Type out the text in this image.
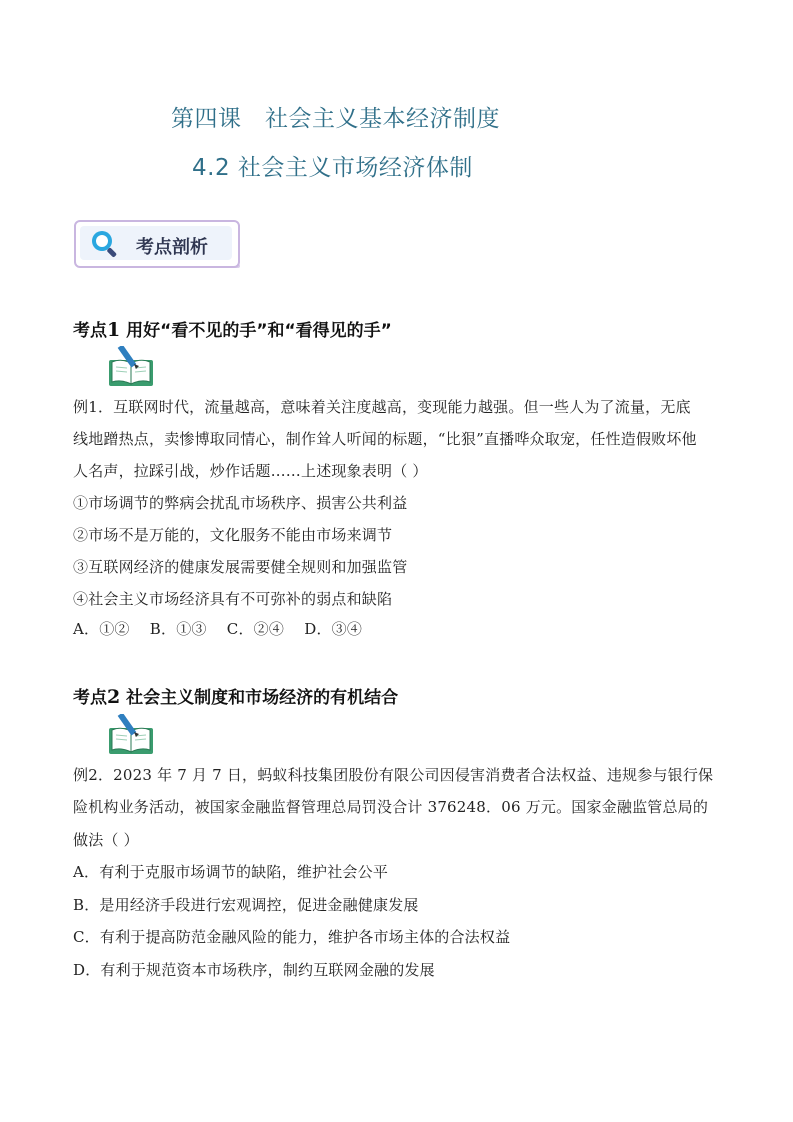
第四课　社会主义基本经济制度
4.2 社会主义市场经济体制
考点剖析
考点1 用好“看不见的手”和“看得见的手”
例1．互联网时代，流量越高，意味着关注度越高，变现能力越强。但一些人为了流量，无底
线地蹭热点，卖惨博取同情心，制作耸人听闻的标题，“比狠”直播哗众取宠，任性造假败坏他
人名声，拉踩引战，炒作话题……上述现象表明（ ）
①市场调节的弊病会扰乱市场秩序、损害公共利益
②市场不是万能的，文化服务不能由市场来调节
③互联网经济的健康发展需要健全规则和加强监管
④社会主义市场经济具有不可弥补的弱点和缺陷
A．①②　 B．①③　 C．②④　 D．③④
考点2 社会主义制度和市场经济的有机结合
例2．2023 年 7 月 7 日，蚂蚁科技集团股份有限公司因侵害消费者合法权益、违规参与银行保
险机构业务活动，被国家金融监督管理总局罚没合计 376248．06 万元。国家金融监管总局的
做法（ ）
A．有利于克服市场调节的缺陷，维护社会公平
B．是用经济手段进行宏观调控，促进金融健康发展
C．有利于提高防范金融风险的能力，维护各市场主体的合法权益
D．有利于规范资本市场秩序，制约互联网金融的发展
